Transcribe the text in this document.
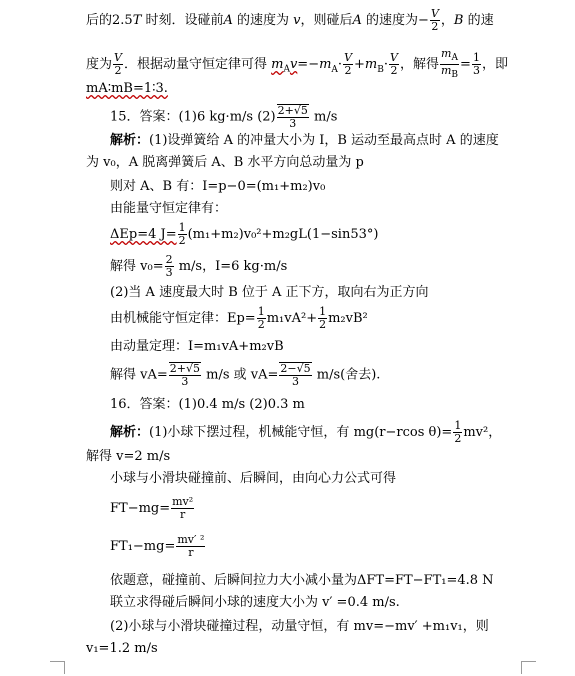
后的2.5T 时刻．设碰前A 的速度为 v，则碰后A 的速度为− $\frac{V}{2}$ ，B 的速
度为 $\frac{V}{2}$ ．根据动量守恒定律可得 $m_Av=-m_A\cdot \frac{V}{2} +m_B\cdot \frac{V}{2}$ ，解得 $\frac{m_A}{m_B} = \frac{1}{3}$ ，即
mA∶mB=1∶3.
15．答案：(1)6 kg·m/s $(2) \frac{2+√5}{3} m/s$
解析：(1)设弹簧给 A 的冲量大小为 I，B 运动至最高点时 A 的速度
为 v₀，A 脱离弹簧后 A、B 水平方向总动量为 p
则对 A、B 有：I=p−0=(m₁+m₂)v₀
由能量守恒定律有：
ΔEp=4 $J= \frac{1}{2} (m_1+m_2)v_0^2+m_2gL(1-\sin 53^\circ)$
解得 $v_0= \frac{2}{3} m/s$，I=6 kg·m/s
(2)当 A 速度最大时 B 位于 A 正下方，取向右为正方向
由机械能守恒定律：$Ep= \frac{1}{2} m_1vA^2+ \frac{1}{2} m_2vB^2$
由动量定理：I=m₁vA+m₂vB
解得 $vA= \frac{2+√5}{3} m/s$ 或 $vA= \frac{2-√5}{3} m/s$(舍去).
16．答案：(1)0.4 m/s (2)0.3 m
解析：(1)小球下摆过程，机械能守恒，有 mg(r−rcos $\theta)= \frac{1}{2} mv^2$，
解得 v=2 m/s
小球与小滑块碰撞前、后瞬间，由向心力公式可得
$FT-mg= \frac{\text{mv²}}{r}$
$FT_1-mg= \frac{\text{mv′ ²}}{r}$
依题意，碰撞前、后瞬间拉力大小减小量为ΔFT=FT−FT₁=4.8 N
联立求得碰后瞬间小球的速度大小为 v′ =0.4 m/s.
(2)小球与小滑块碰撞过程，动量守恒，有 mv=−mv′ +m₁v₁，则
v₁=1.2 m/s
